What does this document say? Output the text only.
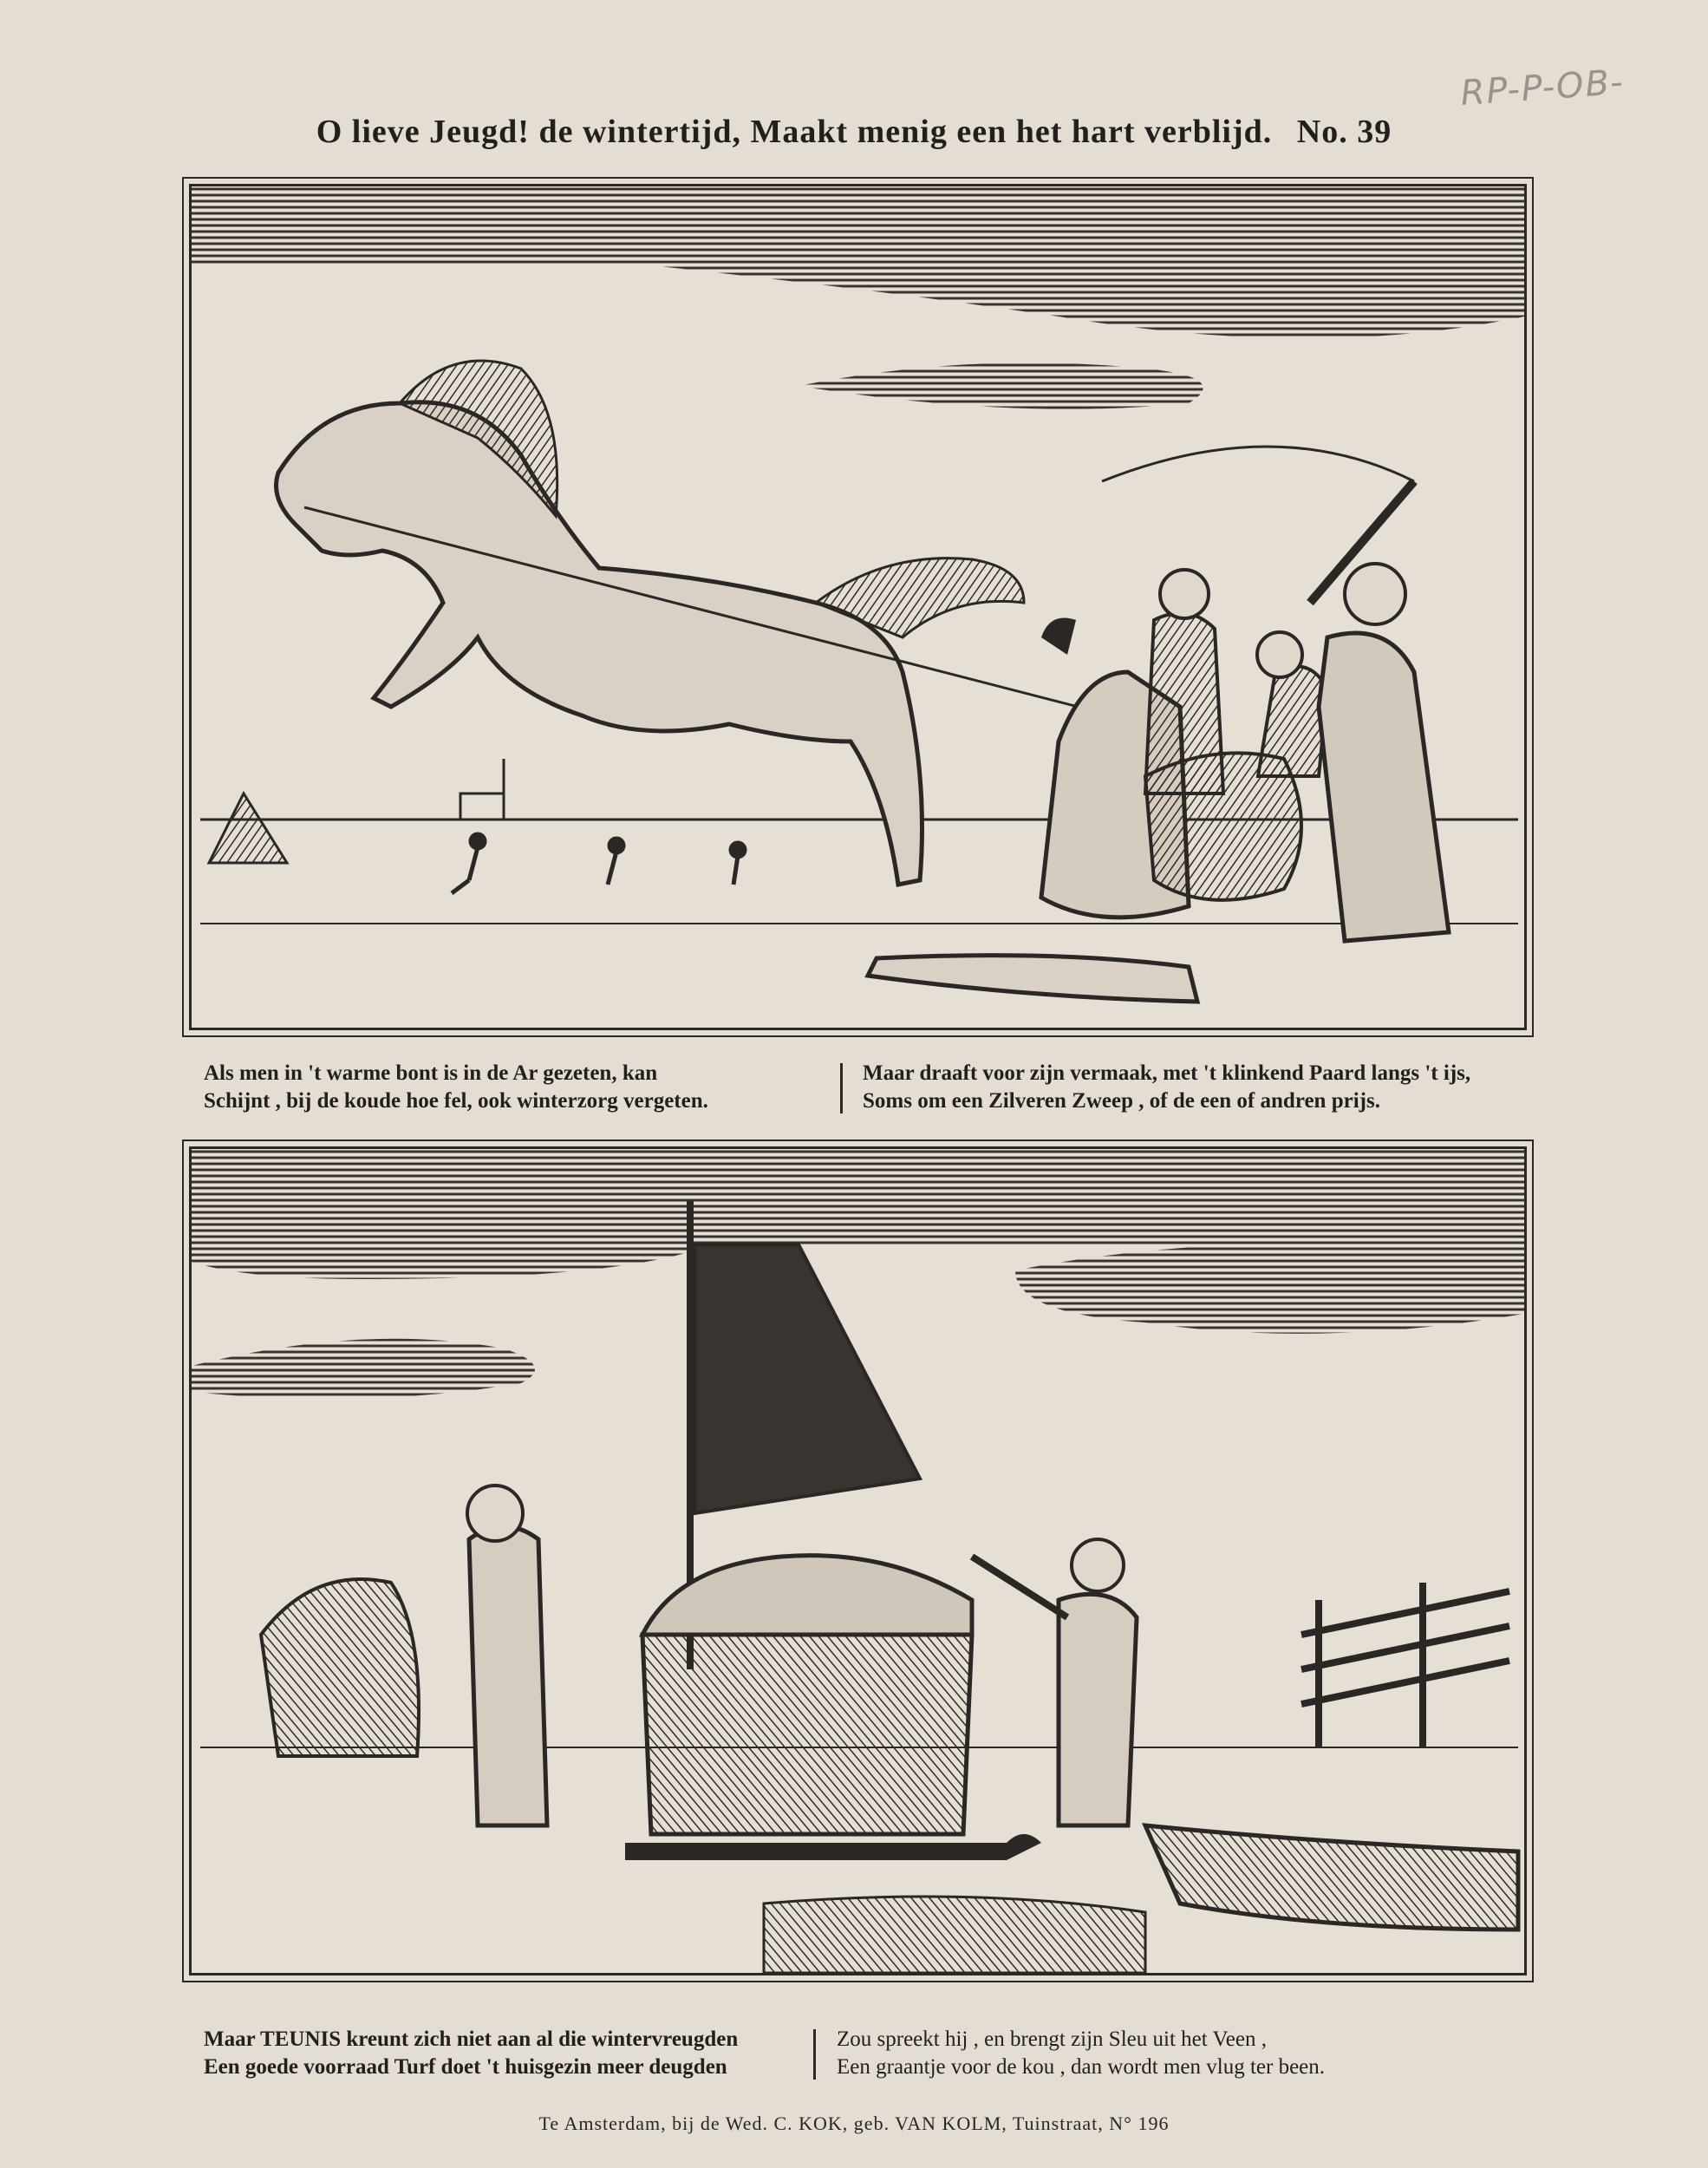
RP-P-OB-
O lieve Jeugd! de wintertijd, Maakt menig een het hart verblijd. No. 39
Als men in 't warme bont is in de Ar gezeten, kan
Schijnt , bij de koude hoe fel, ook winterzorg vergeten.
Maar draaft voor zijn vermaak, met 't klinkend Paard langs 't ijs,
Soms om een Zilveren Zweep , of de een of andren prijs.
Maar TEUNIS kreunt zich niet aan al die wintervreugden
Een goede voorraad Turf doet 't huisgezin meer deugden
Zou spreekt hij , en brengt zijn Sleu uit het Veen ,
Een graantje voor de kou , dan wordt men vlug ter been.
Te Amsterdam, bij de Wed. C. KOK, geb. VAN KOLM, Tuinstraat, N° 196
